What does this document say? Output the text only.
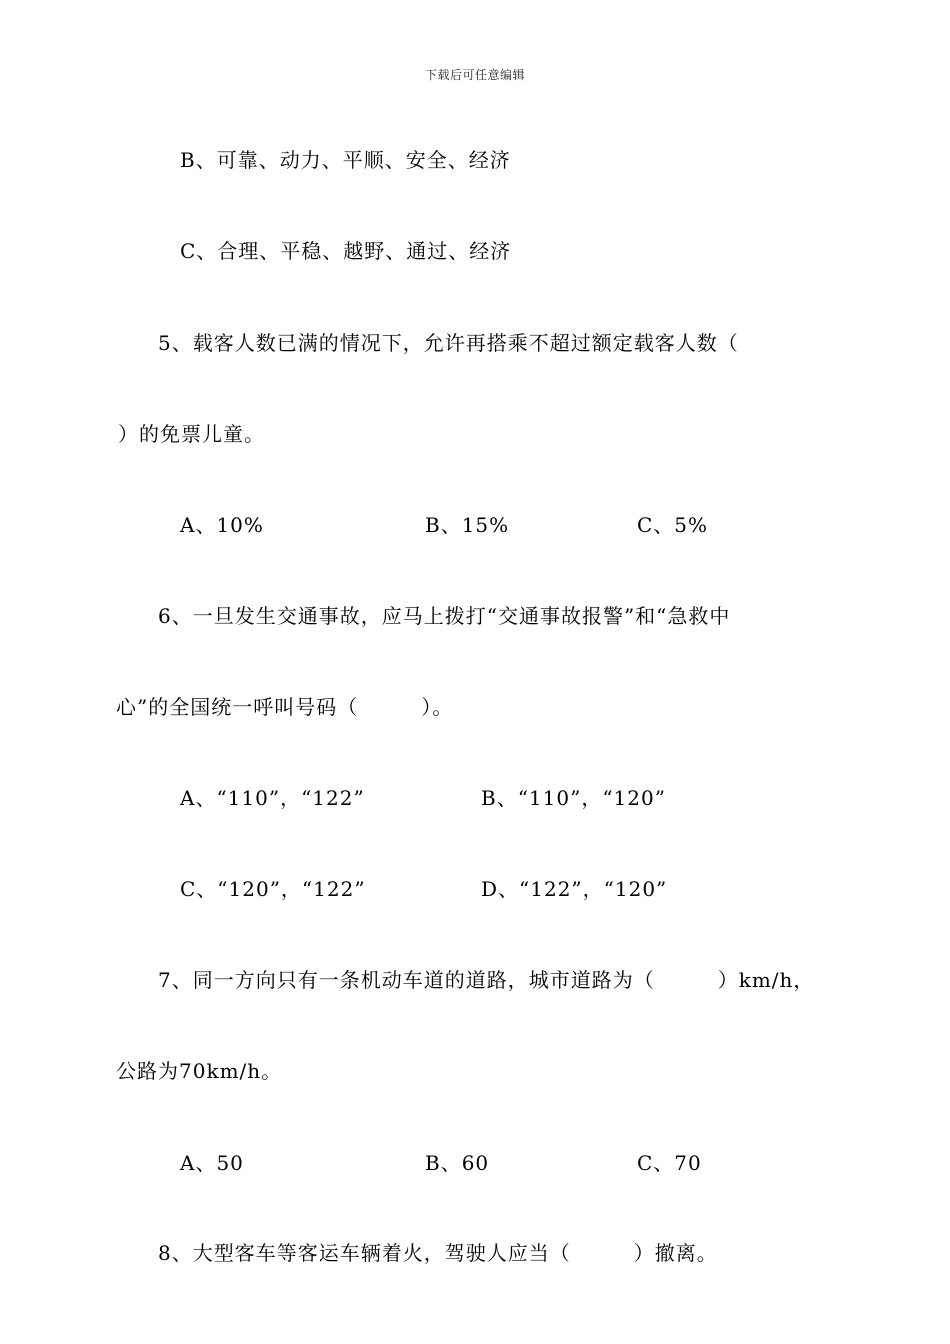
下载后可任意编辑
B、可靠、动力、平顺、安全、经济
C、合理、平稳、越野、通过、经济
5、载客人数已满的情况下，允许再搭乘不超过额定载客人数（
）的免票儿童。
A、10%	B、15%	C、5%
6、一旦发生交通事故，应马上拨打“交通事故报警”和“急救中
心”的全国统一呼叫号码（　　　）。
A、“110”，“122”	B、“110”，“120”
C、“120”，“122”	D、“122”，“120”
7、同一方向只有一条机动车道的道路，城市道路为（　　　）km/h，
公路为70km/h。
A、50	B、60	C、70
8、大型客车等客运车辆着火，驾驶人应当（　　　）撤离。
